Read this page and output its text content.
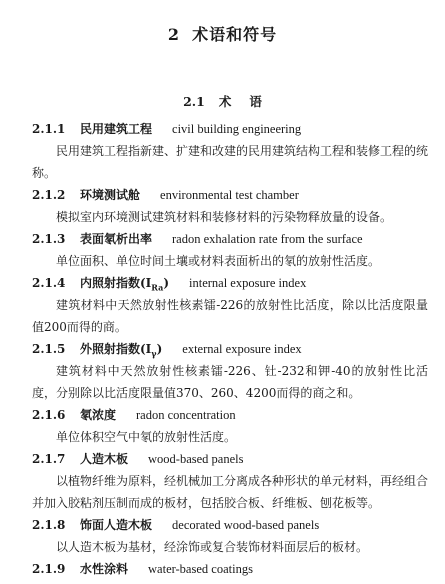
2 术语和符号
2.1 术 语
2.1.1 民用建筑工程 civil building engineering

民用建筑工程指新建、扩建和改建的民用建筑结构工程和装修工程的统称。

2.1.2 环境测试舱 environmental test chamber

模拟室内环境测试建筑材料和装修材料的污染物释放量的设备。

2.1.3 表面氡析出率 radon exhalation rate from the surface

单位面积、单位时间土壤或材料表面析出的氡的放射性活度。

2.1.4 内照射指数$(I_{Ra})$ internal exposure index

建筑材料中天然放射性核素镭-226的放射性比活度，除以比活度限量值200而得的商。

2.1.5 外照射指数$(I_\gamma)$ external exposure index

建筑材料中天然放射性核素镭-226、钍-232和钾-40的放射性比活度，分别除以比活度限量值370、260、4200而得的商之和。

2.1.6 氡浓度 radon concentration

单位体积空气中氡的放射性活度。

2.1.7 人造木板 wood-based panels

以植物纤维为原料，经机械加工分离成各种形状的单元材料，再经组合并加入胶粘剂压制而成的板材，包括胶合板、纤维板、刨花板等。

2.1.8 饰面人造木板 decorated wood-based panels

以人造木板为基材，经涂饰或复合装饰材料面层后的板材。

2.1.9 水性涂料 water-based coatings
